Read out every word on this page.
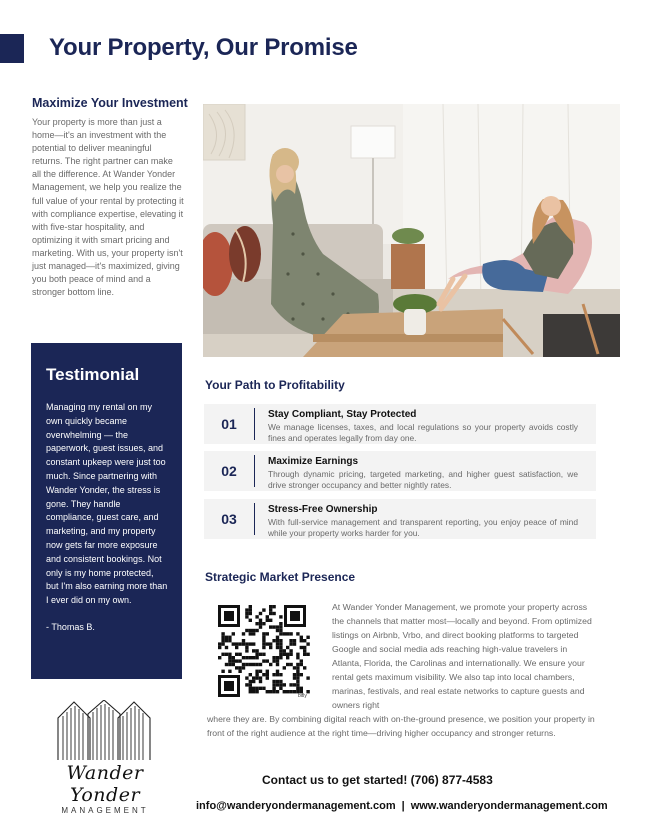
Your Property, Our Promise
Maximize Your Investment

Your property is more than just a home—it's an investment with the potential to deliver meaningful returns. The right partner can make all the difference. At Wander Yonder Management, we help you realize the full value of your rental by protecting it with compliance expertise, elevating it with five-star hospitality, and optimizing it with smart pricing and marketing. With us, your property isn't just managed—it's maximized, giving you both peace of mind and a stronger bottom line.

Testimonial

Managing my rental on my own quickly became overwhelming — the paperwork, guest issues, and constant upkeep were just too much. Since partnering with Wander Yonder, the stress is gone. They handle compliance, guest care, and marketing, and my property now gets far more exposure and consistent bookings. Not only is my home protected, but I'm also earning more than I ever did on my own.

- Thomas B.

Wander Yonder
MANAGEMENT
Your Path to Profitability
01
Stay Compliant, Stay Protected
We manage licenses, taxes, and local regulations so your property avoids costly fines and operates legally from day one.
02
Maximize Earnings
Through dynamic pricing, targeted marketing, and higher guest satisfaction, we drive stronger occupancy and better nightly rates.
03
Stress-Free Ownership
With full-service management and transparent reporting, you enjoy peace of mind while your property works harder for you.
Strategic Market Presence
bitly

At Wander Yonder Management, we promote your property across the channels that matter most—locally and beyond. From optimized listings on Airbnb, Vrbo, and direct booking platforms to targeted Google and social media ads reaching high-value travelers in Atlanta, Florida, the Carolinas and internationally. We ensure your rental gets maximum visibility. We also tap into local chambers, marinas, festivals, and real estate networks to capture guests and owners right

where they are. By combining digital reach with on-the-ground presence, we position your property in front of the right audience at the right time—driving higher occupancy and stronger returns.

Contact us to get started! (706) 877-4583
info@wanderyondermanagement.com | www.wanderyondermanagement.com
